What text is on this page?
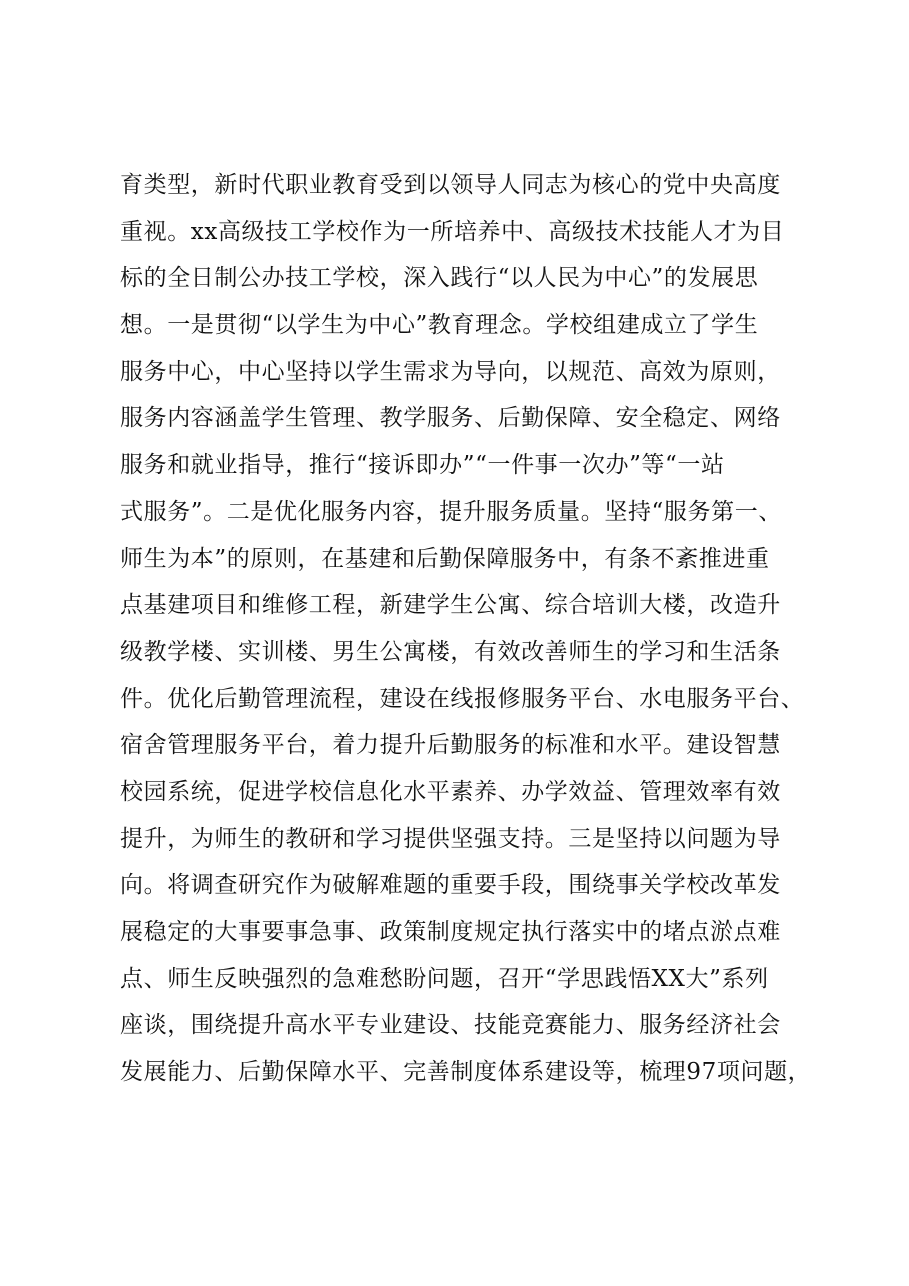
育类型，新时代职业教育受到以领导人同志为核心的党中央高度
重视。xx高级技工学校作为一所培养中、高级技术技能人才为目
标的全日制公办技工学校，深入践行“以人民为中心”的发展思
想。一是贯彻“以学生为中心”教育理念。学校组建成立了学生
服务中心，中心坚持以学生需求为导向，以规范、高效为原则，
服务内容涵盖学生管理、教学服务、后勤保障、安全稳定、网络
服务和就业指导，推行“接诉即办”“一件事一次办”等“一站
式服务”。二是优化服务内容，提升服务质量。坚持“服务第一、
师生为本”的原则，在基建和后勤保障服务中，有条不紊推进重
点基建项目和维修工程，新建学生公寓、综合培训大楼，改造升
级教学楼、实训楼、男生公寓楼，有效改善师生的学习和生活条
件。优化后勤管理流程，建设在线报修服务平台、水电服务平台、
宿舍管理服务平台，着力提升后勤服务的标准和水平。建设智慧
校园系统，促进学校信息化水平素养、办学效益、管理效率有效
提升，为师生的教研和学习提供坚强支持。三是坚持以问题为导
向。将调查研究作为破解难题的重要手段，围绕事关学校改革发
展稳定的大事要事急事、政策制度规定执行落实中的堵点淤点难
点、师生反映强烈的急难愁盼问题，召开“学思践悟XX大”系列
座谈，围绕提升高水平专业建设、技能竞赛能力、服务经济社会
发展能力、后勤保障水平、完善制度体系建设等，梳理97项问题，
